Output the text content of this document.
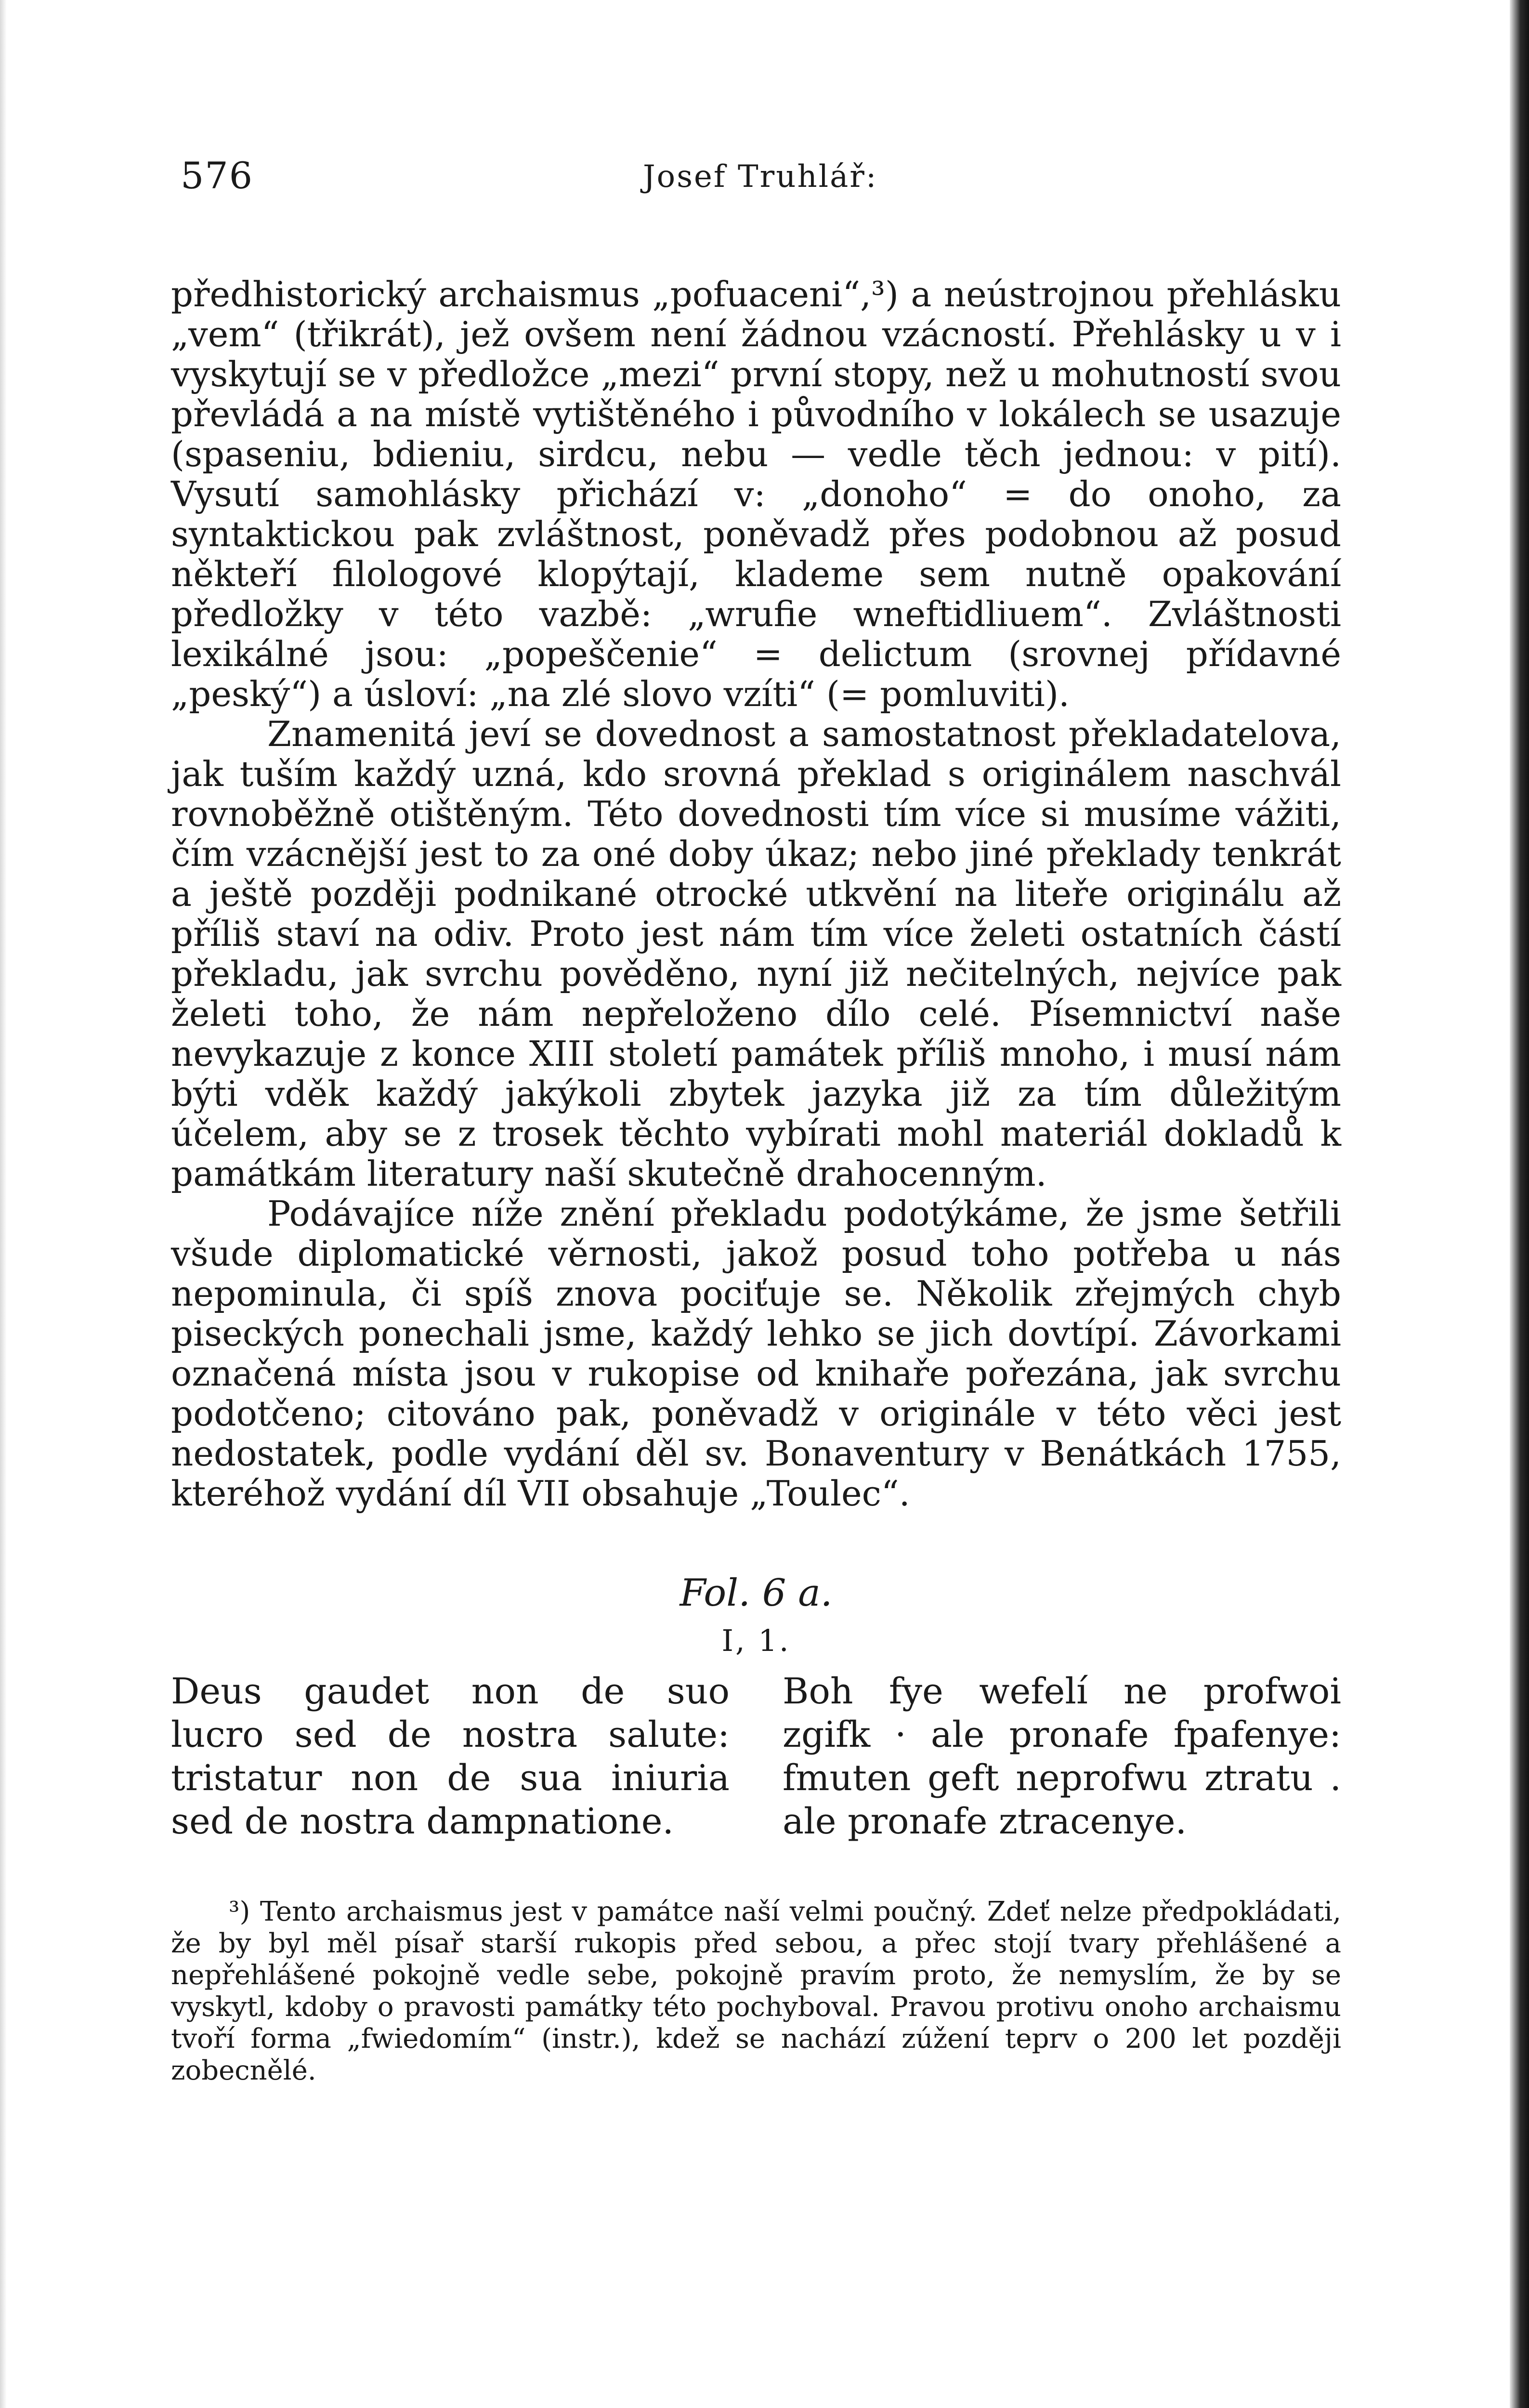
576	Josef Truhlář:

předhistorický archaismus „pofuaceni“,³) a neústrojnou přehlásku „vem“ (třikrát), jež ovšem není žádnou vzácností. Přehlásky u v i vyskytují se v předložce „mezi“ první stopy, než u mohutností svou převládá a na místě vytištěného i původního v lokálech se usazuje (spaseniu, bdieniu, sirdcu, nebu — vedle těch jednou: v pití). Vysutí samohlásky přichází v: „donoho“ = do onoho, za syntaktickou pak zvláštnost, poněvadž přes podobnou až posud někteří filologové klopýtají, klademe sem nutně opakování předložky v této vazbě: „wrufie wneftidliuem“. Zvláštnosti lexikálné jsou: „popeščenie“ = delictum (srovnej přídavné „peský“) a úsloví: „na zlé slovo vzíti“ (= pomluviti).

Znamenitá jeví se dovednost a samostatnost překladatelova, jak tuším každý uzná, kdo srovná překlad s originálem naschvál rovnoběžně otištěným. Této dovednosti tím více si musíme vážiti, čím vzácnější jest to za oné doby úkaz; nebo jiné překlady tenkrát a ještě později podnikané otrocké utkvění na liteře originálu až příliš staví na odiv. Proto jest nám tím více želeti ostatních částí překladu, jak svrchu pověděno, nyní již nečitelných, nejvíce pak želeti toho, že nám nepřeloženo dílo celé. Písemnictví naše nevykazuje z konce XIII století památek příliš mnoho, i musí nám býti vděk každý jakýkoli zbytek jazyka již za tím důležitým účelem, aby se z trosek těchto vybírati mohl materiál dokladů k památkám literatury naší skutečně drahocenným.

Podávajíce níže znění překladu podotýkáme, že jsme šetřili všude diplomatické věrnosti, jakož posud toho potřeba u nás nepominula, či spíš znova pociťuje se. Několik zřejmých chyb piseckých ponechali jsme, každý lehko se jich dovtípí. Závorkami označená místa jsou v rukopise od knihaře pořezána, jak svrchu podotčeno; citováno pak, poněvadž v originále v této věci jest nedostatek, podle vydání děl sv. Bonaventury v Benátkách 1755, kteréhož vydání díl VII obsahuje „Toulec“.

Fol. 6 a.
I, 1.
Deus gaudet non de suo
lucro sed de nostra salute:
tristatur non de sua iniuria
sed de nostra dampnatione.
Boh fye wefelí ne profwoi
zgifk · ale pronafe fpafenye:
fmuten geft neprofwu ztratu .
ale pronafe ztracenye.

³) Tento archaismus jest v památce naší velmi poučný. Zdeť nelze předpokládati, že by byl měl písař starší rukopis před sebou, a přec stojí tvary přehlášené a nepřehlášené pokojně vedle sebe, pokojně pravím proto, že nemyslím, že by se vyskytl, kdoby o pravosti památky této pochyboval. Pravou protivu onoho archaismu tvoří forma „fwiedomím“ (instr.), kdež se nachází zúžení teprv o 200 let později zobecnělé.
